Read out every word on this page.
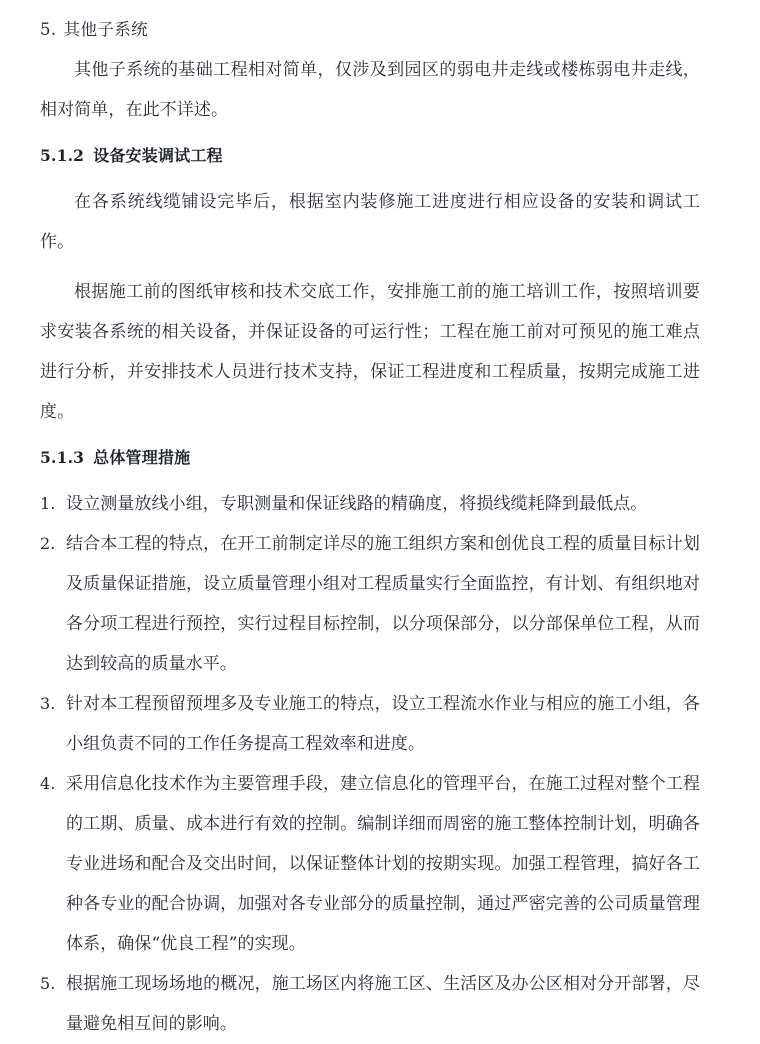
5. 其他子系统

其他子系统的基础工程相对简单，仅涉及到园区的弱电井走线或楼栋弱电井走线，相对简单，在此不详述。

5.1.2 设备安装调试工程

在各系统线缆铺设完毕后，根据室内装修施工进度进行相应设备的安装和调试工作。

根据施工前的图纸审核和技术交底工作，安排施工前的施工培训工作，按照培训要求安装各系统的相关设备，并保证设备的可运行性；工程在施工前对可预见的施工难点进行分析，并安排技术人员进行技术支持，保证工程进度和工程质量，按期完成施工进度。

5.1.3 总体管理措施
1. 设立测量放线小组，专职测量和保证线路的精确度，将损线缆耗降到最低点。
2. 结合本工程的特点，在开工前制定详尽的施工组织方案和创优良工程的质量目标计划及质量保证措施，设立质量管理小组对工程质量实行全面监控，有计划、有组织地对各分项工程进行预控，实行过程目标控制，以分项保部分，以分部保单位工程，从而达到较高的质量水平。
3. 针对本工程预留预埋多及专业施工的特点，设立工程流水作业与相应的施工小组，各小组负责不同的工作任务提高工程效率和进度。
4. 采用信息化技术作为主要管理手段，建立信息化的管理平台，在施工过程对整个工程的工期、质量、成本进行有效的控制。编制详细而周密的施工整体控制计划，明确各专业进场和配合及交出时间，以保证整体计划的按期实现。加强工程管理，搞好各工种各专业的配合协调，加强对各专业部分的质量控制，通过严密完善的公司质量管理体系，确保“优良工程”的实现。
5. 根据施工现场场地的概况，施工场区内将施工区、生活区及办公区相对分开部署，尽量避免相互间的影响。
